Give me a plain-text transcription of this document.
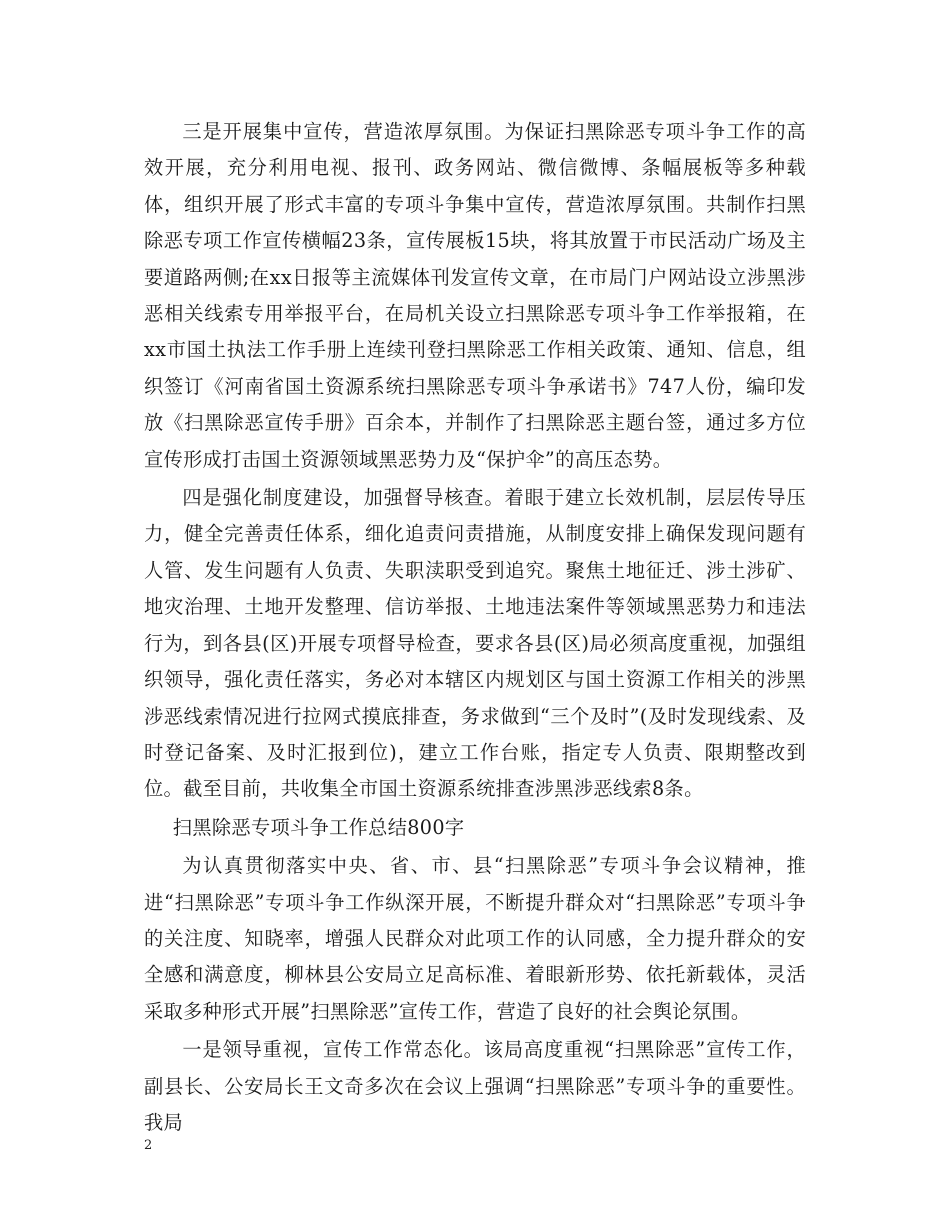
三是开展集中宣传，营造浓厚氛围。为保证扫黑除恶专项斗争工作的高效开展，充分利用电视、报刊、政务网站、微信微博、条幅展板等多种载体，组织开展了形式丰富的专项斗争集中宣传，营造浓厚氛围。共制作扫黑除恶专项工作宣传横幅23条，宣传展板15块，将其放置于市民活动广场及主要道路两侧;在xx日报等主流媒体刊发宣传文章，在市局门户网站设立涉黑涉恶相关线索专用举报平台，在局机关设立扫黑除恶专项斗争工作举报箱，在xx市国土执法工作手册上连续刊登扫黑除恶工作相关政策、通知、信息，组织签订《河南省国土资源系统扫黑除恶专项斗争承诺书》747人份，编印发放《扫黑除恶宣传手册》百余本，并制作了扫黑除恶主题台签，通过多方位宣传形成打击国土资源领域黑恶势力及“保护伞”的高压态势。

四是强化制度建设，加强督导核查。着眼于建立长效机制，层层传导压力，健全完善责任体系，细化追责问责措施，从制度安排上确保发现问题有人管、发生问题有人负责、失职渎职受到追究。聚焦土地征迁、涉土涉矿、地灾治理、土地开发整理、信访举报、土地违法案件等领域黑恶势力和违法行为，到各县(区)开展专项督导检查，要求各县(区)局必须高度重视，加强组织领导，强化责任落实，务必对本辖区内规划区与国土资源工作相关的涉黑涉恶线索情况进行拉网式摸底排查，务求做到“三个及时”(及时发现线索、及时登记备案、及时汇报到位)，建立工作台账，指定专人负责、限期整改到位。截至目前，共收集全市国土资源系统排查涉黑涉恶线索8条。

扫黑除恶专项斗争工作总结800字

为认真贯彻落实中央、省、市、县“扫黑除恶”专项斗争会议精神，推进“扫黑除恶”专项斗争工作纵深开展，不断提升群众对“扫黑除恶”专项斗争的关注度、知晓率，增强人民群众对此项工作的认同感，全力提升群众的安全感和满意度，柳林县公安局立足高标准、着眼新形势、依托新载体，灵活采取多种形式开展”扫黑除恶”宣传工作，营造了良好的社会舆论氛围。

一是领导重视，宣传工作常态化。该局高度重视“扫黑除恶”宣传工作，副县长、公安局长王文奇多次在会议上强调“扫黑除恶”专项斗争的重要性。我局

2
